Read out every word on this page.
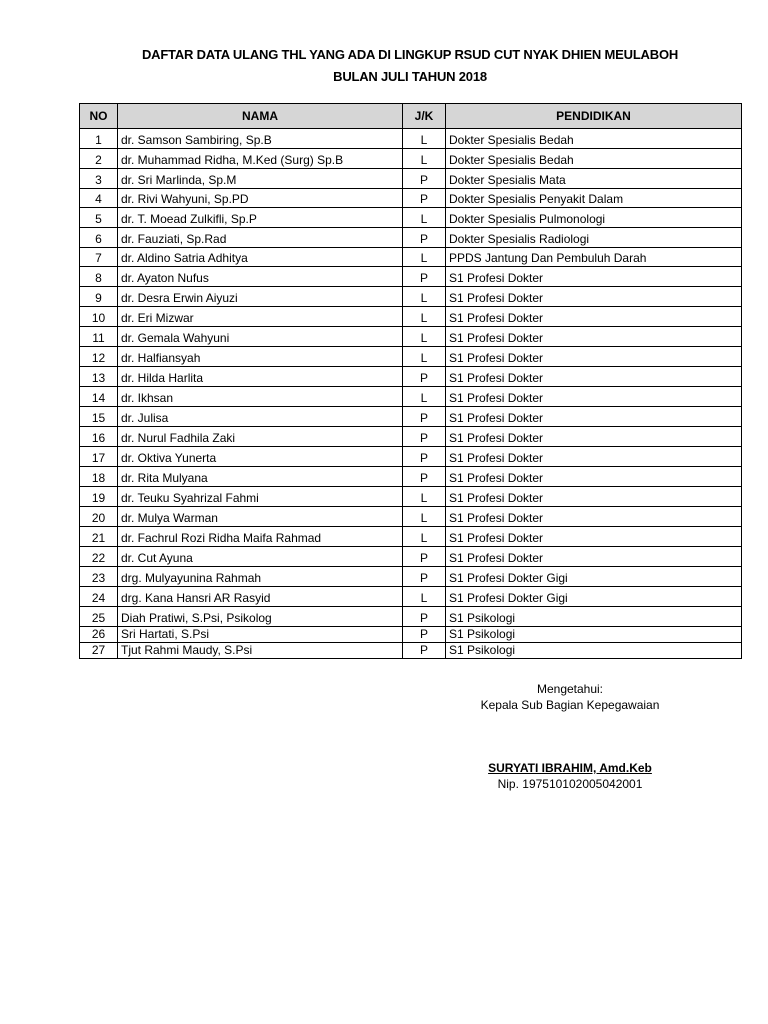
DAFTAR DATA ULANG THL YANG ADA DI LINGKUP RSUD CUT NYAK DHIEN MEULABOH
BULAN JULI TAHUN 2018
NO	NAMA	J/K	PENDIDIKAN
1	dr. Samson Sambiring, Sp.B	L	Dokter Spesialis Bedah
2	dr. Muhammad Ridha, M.Ked (Surg) Sp.B	L	Dokter Spesialis Bedah
3	dr. Sri Marlinda, Sp.M	P	Dokter Spesialis Mata
4	dr. Rivi Wahyuni, Sp.PD	P	Dokter Spesialis Penyakit Dalam
5	dr. T. Moead Zulkifli, Sp.P	L	Dokter Spesialis Pulmonologi
6	dr. Fauziati, Sp.Rad	P	Dokter Spesialis Radiologi
7	dr. Aldino Satria Adhitya	L	PPDS Jantung Dan Pembuluh Darah
8	dr. Ayaton Nufus	P	S1 Profesi Dokter
9	dr. Desra Erwin Aiyuzi	L	S1 Profesi Dokter
10	dr. Eri Mizwar	L	S1 Profesi Dokter
11	dr. Gemala Wahyuni	L	S1 Profesi Dokter
12	dr. Halfiansyah	L	S1 Profesi Dokter
13	dr. Hilda Harlita	P	S1 Profesi Dokter
14	dr. Ikhsan	L	S1 Profesi Dokter
15	dr. Julisa	P	S1 Profesi Dokter
16	dr. Nurul Fadhila Zaki	P	S1 Profesi Dokter
17	dr. Oktiva Yunerta	P	S1 Profesi Dokter
18	dr. Rita Mulyana	P	S1 Profesi Dokter
19	dr. Teuku Syahrizal Fahmi	L	S1 Profesi Dokter
20	dr. Mulya Warman	L	S1 Profesi Dokter
21	dr. Fachrul Rozi Ridha Maifa Rahmad	L	S1 Profesi Dokter
22	dr. Cut Ayuna	P	S1 Profesi Dokter
23	drg. Mulyayunina Rahmah	P	S1 Profesi Dokter Gigi
24	drg. Kana Hansri AR Rasyid	L	S1 Profesi Dokter Gigi
25	Diah Pratiwi, S.Psi, Psikolog	P	S1 Psikologi
26	Sri Hartati, S.Psi	P	S1 Psikologi
27	Tjut Rahmi Maudy, S.Psi	P	S1 Psikologi
Mengetahui:
Kepala Sub Bagian Kepegawaian
SURYATI IBRAHIM, Amd.Keb
Nip. 197510102005042001
